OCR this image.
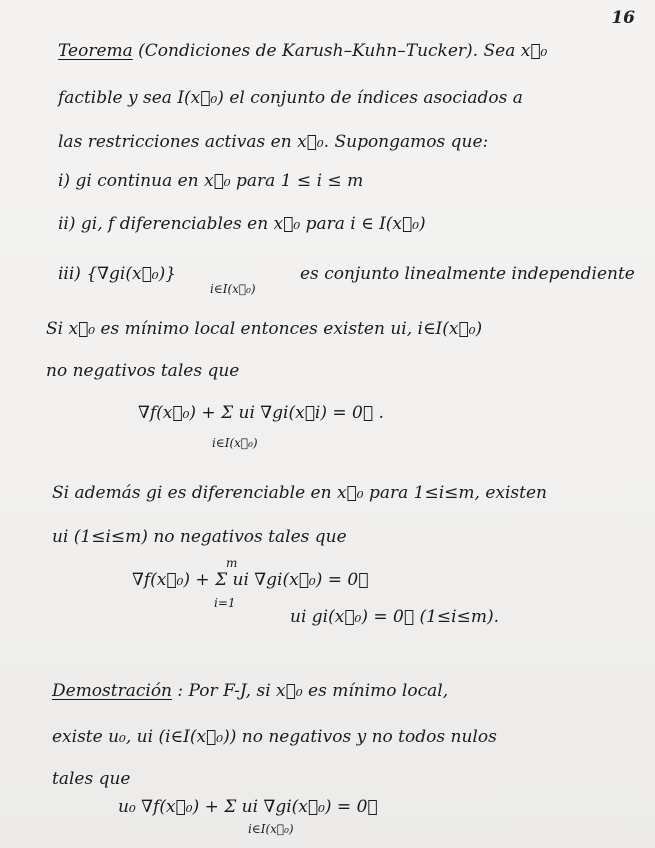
16
Teorema (Condiciones de Karush–Kuhn–Tucker). Sea x⃗₀
factible y sea I(x⃗₀) el conjunto de índices asociados a
las restricciones activas en x⃗₀. Supongamos que:
i) gi continua en x⃗₀ para 1 ≤ i ≤ m
ii) gi, f diferenciables en x⃗₀ para i ∈ I(x⃗₀)
iii) {∇gi(x⃗₀)}
i∈I(x⃗₀)
es conjunto linealmente independiente
Si x⃗₀ es mínimo local entonces existen ui, i∈I(x⃗₀)
no negativos tales que
∇f(x⃗₀) + Σ ui ∇gi(x⃗i) = 0⃗ .
i∈I(x⃗₀)
Si además gi es diferenciable en x⃗₀ para 1≤i≤m, existen
ui (1≤i≤m) no negativos tales que
m
∇f(x⃗₀) + Σ ui ∇gi(x⃗₀) = 0⃗
i=1
ui gi(x⃗₀) = 0⃗ (1≤i≤m).
Demostración : Por F-J, si x⃗₀ es mínimo local,
existe u₀, ui (i∈I(x⃗₀)) no negativos y no todos nulos
tales que
u₀ ∇f(x⃗₀) + Σ ui ∇gi(x⃗₀) = 0⃗
i∈I(x⃗₀)
